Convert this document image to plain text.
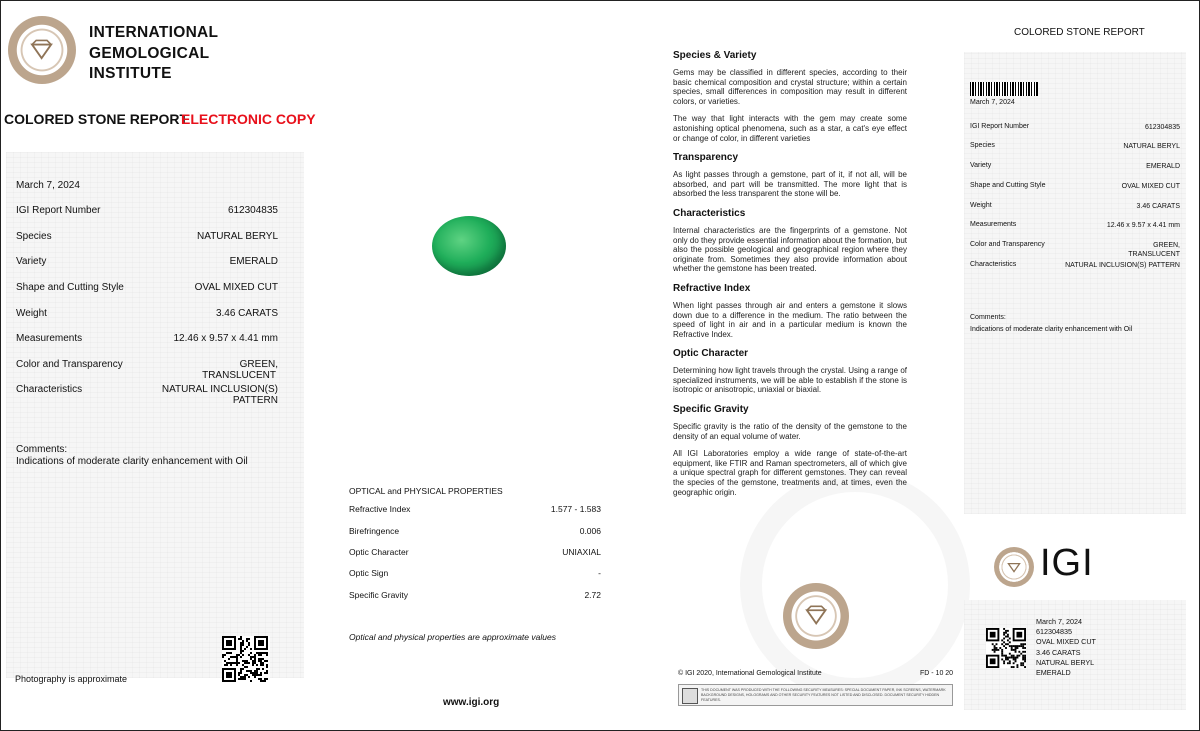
INTERNATIONAL
GEMOLOGICAL
INSTITUTE
COLORED STONE REPORT
ELECTRONIC COPY
March 7, 2024
IGI Report Number	612304835
Species	NATURAL BERYL
Variety	EMERALD
Shape and Cutting Style	OVAL MIXED CUT
Weight	3.46 CARATS
Measurements	12.46 x 9.57 x 4.41 mm
Color and Transparency	GREEN,
TRANSLUCENT
Characteristics	NATURAL INCLUSION(S)
PATTERN
Comments:
Indications of moderate clarity enhancement with Oil
Photography is approximate
OPTICAL and PHYSICAL PROPERTIES
Refractive Index	1.577 - 1.583
Birefringence	0.006
Optic Character	UNIAXIAL
Optic Sign	-
Specific Gravity	2.72
Optical and physical properties are approximate values
www.igi.org
Species & Variety
Gems may be classified in different species, according to their basic chemical composition and crystal structure; within a certain species, small differences in composition may result in different colors, or varieties.
The way that light interacts with the gem may create some astonishing optical phenomena, such as a star, a cat's eye effect or change of color, in different varieties
Transparency
As light passes through a gemstone, part of it, if not all, will be absorbed, and part will be transmitted. The more light that is absorbed the less transparent the stone will be.
Characteristics
Internal characteristics are the fingerprints of a gemstone. Not only do they provide essential information about the formation, but also the possible geological and geographical region where they originate from. Sometimes they also provide information about whether the gemstone has been treated.
Refractive Index
When light passes through air and enters a gemstone it slows down due to a difference in the medium. The ratio between the speed of light in air and in a particular medium is known the Refractive Index.
Optic Character
Determining how light travels through the crystal. Using a range of specialized instruments, we will be able to establish if the stone is isotropic or anisotropic, uniaxial or biaxial.
Specific Gravity
Specific gravity is the ratio of the density of the gemstone to the density of an equal volume of water.
All IGI Laboratories employ a wide range of state-of-the-art equipment, like FTIR and Raman spectrometers, all of which give a unique spectral graph for different gemstones. They can reveal the species of the gemstone, treatments and, at times, even the geographic origin.
© IGI 2020, International Gemological Institute	FD - 10 20
THIS DOCUMENT WAS PRODUCED WITH THE FOLLOWING SECURITY MEASURES: SPECIAL DOCUMENT PAPER, INK SCREENS, WATERMARK BACKGROUND DESIGNS, HOLOGRAMS AND OTHER SECURITY FEATURES NOT LISTED AND DISCLOSED. DOCUMENT SECURITY HIDDEN FEATURES.
COLORED STONE REPORT
March 7, 2024
IGI Report Number	612304835
Species	NATURAL BERYL
Variety	EMERALD
Shape and Cutting Style	OVAL MIXED CUT
Weight	3.46 CARATS
Measurements	12.46 x 9.57 x 4.41 mm
Color and Transparency	GREEN,
TRANSLUCENT
Characteristics	NATURAL INCLUSION(S) PATTERN
Comments:
Indications of moderate clarity enhancement with Oil
IGI
March 7, 2024
612304835
OVAL MIXED CUT
3.46 CARATS
NATURAL BERYL
EMERALD
